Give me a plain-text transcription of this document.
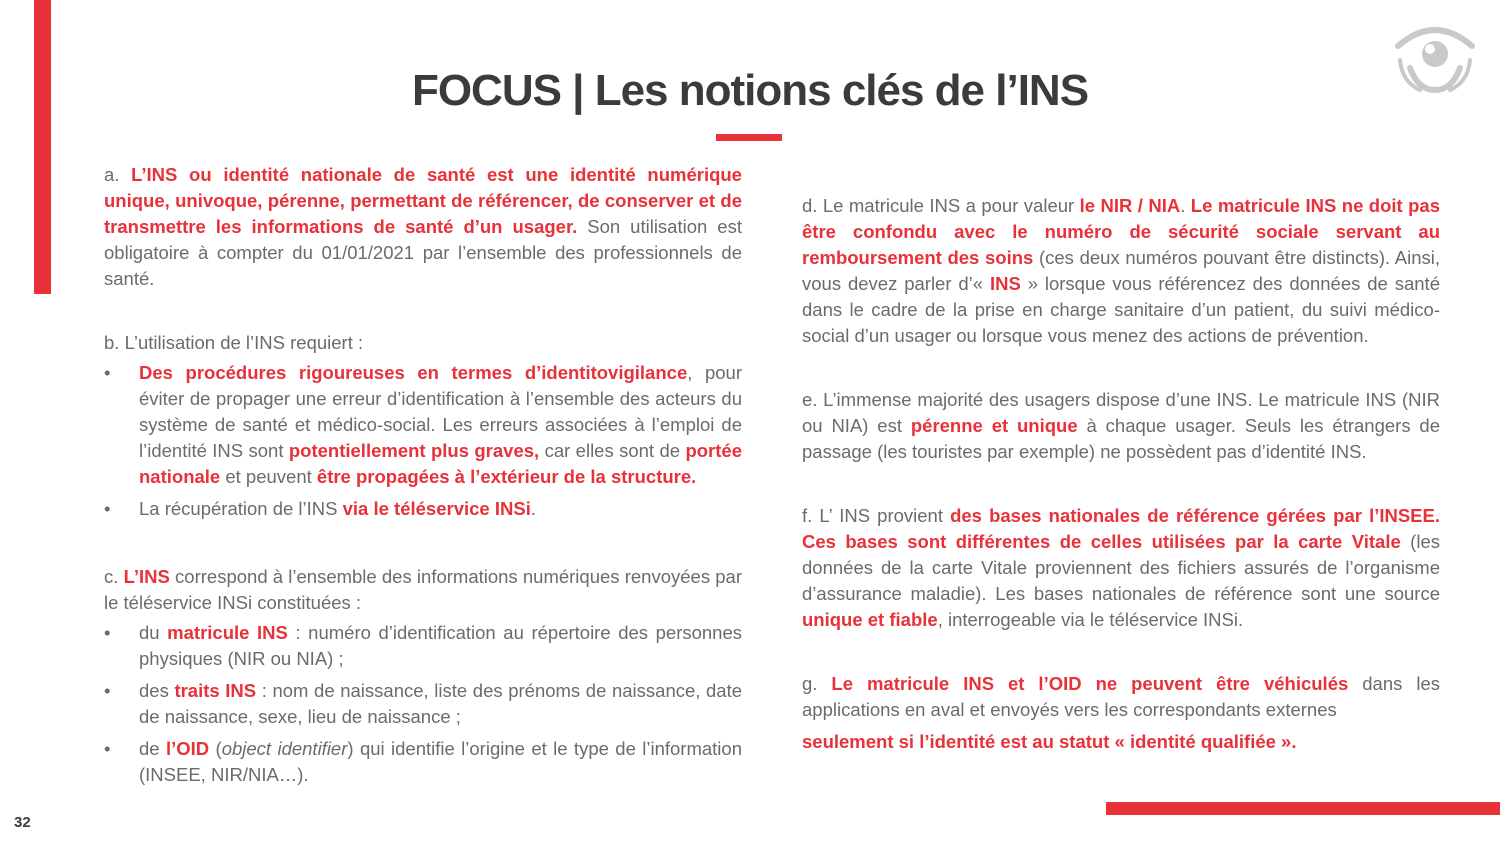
FOCUS | Les notions clés de l’INS
32

a. L’INS ou identité nationale de santé est une identité numérique unique, univoque, pérenne, permettant de référencer, de conserver et de transmettre les informations de santé d’un usager. Son utilisation est obligatoire à compter du 01/01/2021 par l’ensemble des professionnels de santé.

b. L’utilisation de l’INS requiert :

• Des procédures rigoureuses en termes d’identitovigilance, pour éviter de propager une erreur d’identification à l’ensemble des acteurs du système de santé et médico-social. Les erreurs associées à l’emploi de l’identité INS sont potentiellement plus graves, car elles sont de portée nationale et peuvent être propagées à l’extérieur de la structure.
• La récupération de l’INS via le téléservice INSi.

c. L’INS correspond à l’ensemble des informations numériques renvoyées par le téléservice INSi constituées :

• du matricule INS : numéro d’identification au répertoire des personnes physiques (NIR ou NIA) ;
• des traits INS : nom de naissance, liste des prénoms de naissance, date de naissance, sexe, lieu de naissance ;
• de l’OID (object identifier) qui identifie l’origine et le type de l’information (INSEE, NIR/NIA…).

d. Le matricule INS a pour valeur le NIR / NIA. Le matricule INS ne doit pas être confondu avec le numéro de sécurité sociale servant au remboursement des soins (ces deux numéros pouvant être distincts). Ainsi, vous devez parler d’« INS » lorsque vous référencez des données de santé dans le cadre de la prise en charge sanitaire d’un patient, du suivi médico-social d’un usager ou lorsque vous menez des actions de prévention.

e. L’immense majorité des usagers dispose d’une INS. Le matricule INS (NIR ou NIA) est pérenne et unique à chaque usager. Seuls les étrangers de passage (les touristes par exemple) ne possèdent pas d’identité INS.

f. L’ INS provient des bases nationales de référence gérées par l’INSEE. Ces bases sont différentes de celles utilisées par la carte Vitale (les données de la carte Vitale proviennent des fichiers assurés de l’organisme d’assurance maladie). Les bases nationales de référence sont une source unique et fiable, interrogeable via le téléservice INSi.

g. Le matricule INS et l’OID ne peuvent être véhiculés dans les applications en aval et envoyés vers les correspondants externes
seulement si l’identité est au statut « identité qualifiée ».
